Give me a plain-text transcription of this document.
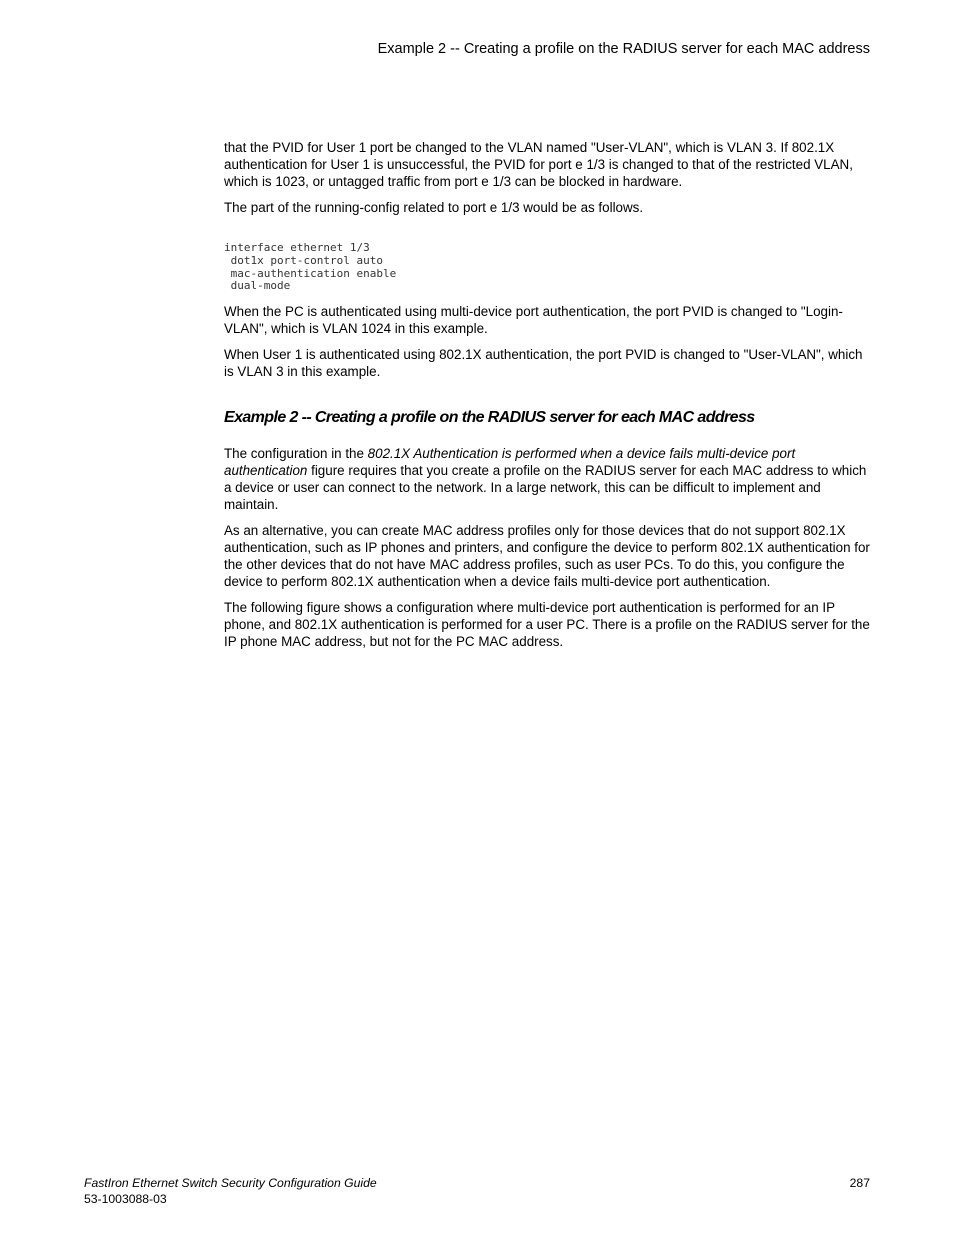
Example 2 -- Creating a profile on the RADIUS server for each MAC address

that the PVID for User 1 port be changed to the VLAN named "User-VLAN", which is VLAN 3. If 802.1X authentication for User 1 is unsuccessful, the PVID for port e 1/3 is changed to that of the restricted VLAN, which is 1023, or untagged traffic from port e 1/3 can be blocked in hardware.

The part of the running-config related to port e 1/3 would be as follows.

interface ethernet 1/3
dot1x port-control auto
mac-authentication enable
dual-mode

When the PC is authenticated using multi-device port authentication, the port PVID is changed to "Login-VLAN", which is VLAN 1024 in this example.

When User 1 is authenticated using 802.1X authentication, the port PVID is changed to "User-VLAN", which is VLAN 3 in this example.

Example 2 -- Creating a profile on the RADIUS server for each MAC address

The configuration in the 802.1X Authentication is performed when a device fails multi-device port authentication figure requires that you create a profile on the RADIUS server for each MAC address to which a device or user can connect to the network. In a large network, this can be difficult to implement and maintain.

As an alternative, you can create MAC address profiles only for those devices that do not support 802.1X authentication, such as IP phones and printers, and configure the device to perform 802.1X authentication for the other devices that do not have MAC address profiles, such as user PCs. To do this, you configure the device to perform 802.1X authentication when a device fails multi-device port authentication.

The following figure shows a configuration where multi-device port authentication is performed for an IP phone, and 802.1X authentication is performed for a user PC. There is a profile on the RADIUS server for the IP phone MAC address, but not for the PC MAC address.

FastIron Ethernet Switch Security Configuration Guide
53-1003088-03
287
